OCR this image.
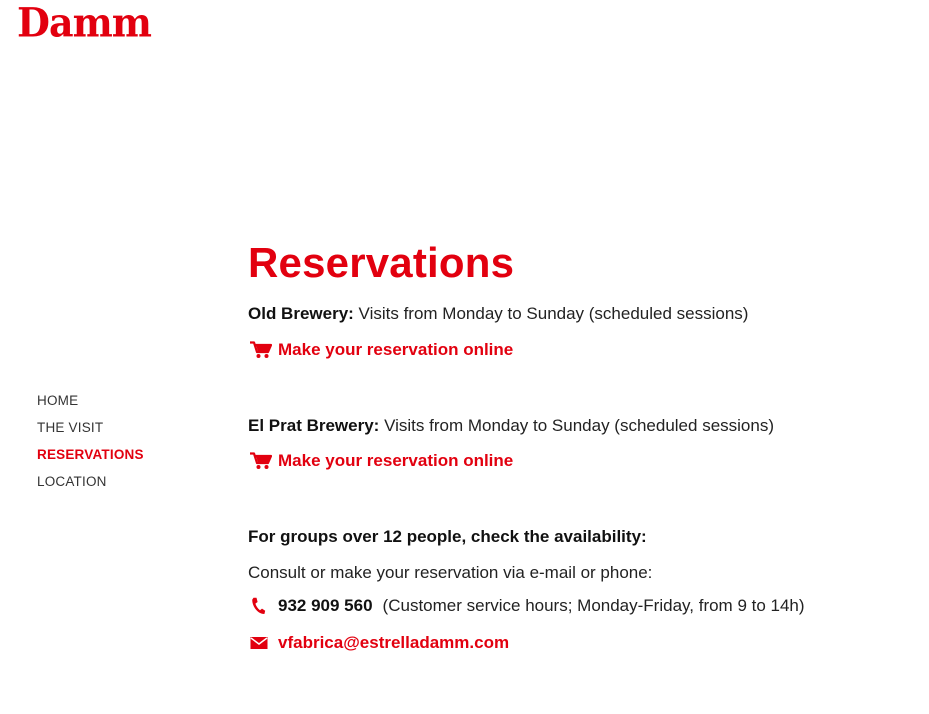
Damm
HOME
THE VISIT
RESERVATIONS
LOCATION
Reservations
Old Brewery: Visits from Monday to Sunday (scheduled sessions)
Make your reservation online
El Prat Brewery: Visits from Monday to Sunday (scheduled sessions)
Make your reservation online
For groups over 12 people, check the availability:
Consult or make your reservation via e-mail or phone:
932 909 560 (Customer service hours; Monday-Friday, from 9 to 14h)
vfabrica@estrelladamm.com
